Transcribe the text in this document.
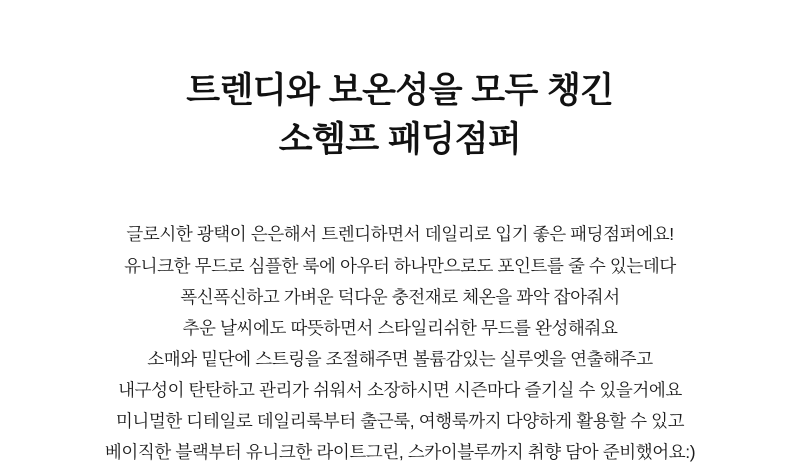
트렌디와 보온성을 모두 챙긴
소헴프 패딩점퍼
글로시한 광택이 은은해서 트렌디하면서 데일리로 입기 좋은 패딩점퍼에요!
유니크한 무드로 심플한 룩에 아우터 하나만으로도 포인트를 줄 수 있는데다
폭신폭신하고 가벼운 덕다운 충전재로 체온을 꽈악 잡아줘서
추운 날씨에도 따뜻하면서 스타일리쉬한 무드를 완성해줘요
소매와 밑단에 스트링을 조절해주면 볼륨감있는 실루엣을 연출해주고
내구성이 탄탄하고 관리가 쉬워서 소장하시면 시즌마다 즐기실 수 있을거에요
미니멀한 디테일로 데일리룩부터 출근룩, 여행룩까지 다양하게 활용할 수 있고
베이직한 블랙부터 유니크한 라이트그린, 스카이블루까지 취향 담아 준비했어요:)
